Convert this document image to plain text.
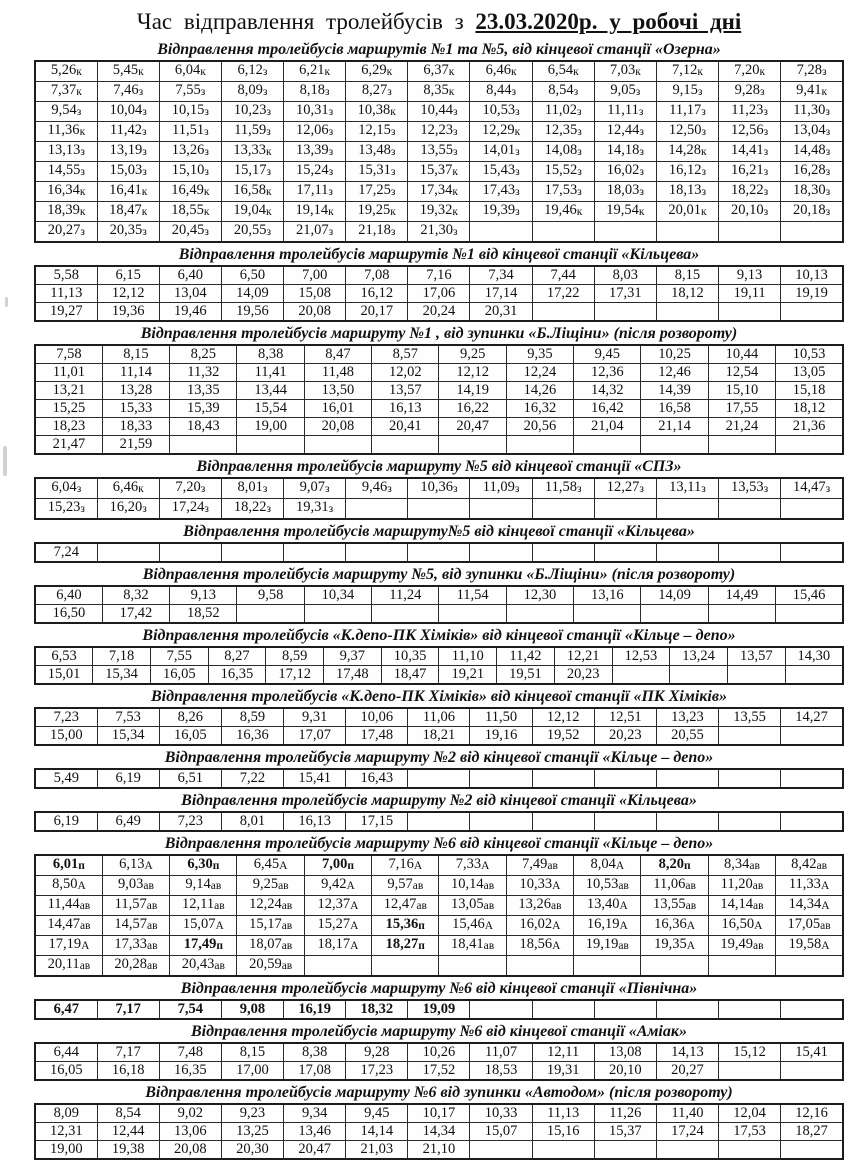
Час відправлення тролейбусів з 23.03.2020р. у робочі дні
Відправлення тролейбусів маршрутів №1 та №5, від кінцевої станції «Озерна»
5,26к	5,45к	6,04к	6,12з	6,21к	6,29к	6,37к	6,46к	6,54к	7,03к	7,12к	7,20к	7,28з
7,37к	7,46з	7,55з	8,09з	8,18з	8,27з	8,35к	8,44з	8,54з	9,05з	9,15з	9,28з	9,41к
9,54з	10,04з	10,15з	10,23з	10,31з	10,38к	10,44з	10,53з	11,02з	11,11з	11,17з	11,23з	11,30з
11,36к	11,42з	11,51з	11,59з	12,06з	12,15з	12,23з	12,29к	12,35з	12,44з	12,50з	12,56з	13,04з
13,13з	13,19з	13,26з	13,33к	13,39з	13,48з	13,55з	14,01з	14,08з	14,18з	14,28к	14,41з	14,48з
14,55з	15,03з	15,10з	15,17з	15,24з	15,31з	15,37к	15,43з	15,52з	16,02з	16,12з	16,21з	16,28з
16,34к	16,41к	16,49к	16,58к	17,11з	17,25з	17,34к	17,43з	17,53з	18,03з	18,13з	18,22з	18,30з
18,39к	18,47к	18,55к	19,04к	19,14к	19,25к	19,32к	19,39з	19,46к	19,54к	20,01к	20,10з	20,18з
20,27з	20,35з	20,45з	20,55з	21,07з	21,18з	21,30з						
Відправлення тролейбусів маршрутів №1 від кінцевої станції «Кільцева»
5,58	6,15	6,40	6,50	7,00	7,08	7,16	7,34	7,44	8,03	8,15	9,13	10,13
11,13	12,12	13,04	14,09	15,08	16,12	17,06	17,14	17,22	17,31	18,12	19,11	19,19
19,27	19,36	19,46	19,56	20,08	20,17	20,24	20,31					
Відправлення тролейбусів маршруту №1 , від зупинки «Б.Ліщіни» (після розвороту)
7,58	8,15	8,25	8,38	8,47	8,57	9,25	9,35	9,45	10,25	10,44	10,53
11,01	11,14	11,32	11,41	11,48	12,02	12,12	12,24	12,36	12,46	12,54	13,05
13,21	13,28	13,35	13,44	13,50	13,57	14,19	14,26	14,32	14,39	15,10	15,18
15,25	15,33	15,39	15,54	16,01	16,13	16,22	16,32	16,42	16,58	17,55	18,12
18,23	18,33	18,43	19,00	20,08	20,41	20,47	20,56	21,04	21,14	21,24	21,36
21,47	21,59										
Відправлення тролейбусів маршруту №5 від кінцевої станції «СПЗ»
6,04з	6,46к	7,20з	8,01з	9,07з	9,46з	10,36з	11,09з	11,58з	12,27з	13,11з	13,53з	14,47з
15,23з	16,20з	17,24з	18,22з	19,31з								
Відправлення тролейбусів маршруту№5 від кінцевої станції «Кільцева»
7,24												
Відправлення тролейбусів маршруту №5, від зупинки «Б.Ліщіни» (після розвороту)
6,40	8,32	9,13	9,58	10,34	11,24	11,54	12,30	13,16	14,09	14,49	15,46
16,50	17,42	18,52									
Відправлення тролейбусів «К.депо-ПК Хіміків» від кінцевої станції «Кільце – депо»
6,53	7,18	7,55	8,27	8,59	9,37	10,35	11,10	11,42	12,21	12,53	13,24	13,57	14,30
15,01	15,34	16,05	16,35	17,12	17,48	18,47	19,21	19,51	20,23				
Відправлення тролейбусів «К.депо-ПК Хіміків» від кінцевої станції «ПК Хіміків»
7,23	7,53	8,26	8,59	9,31	10,06	11,06	11,50	12,12	12,51	13,23	13,55	14,27
15,00	15,34	16,05	16,36	17,07	17,48	18,21	19,16	19,52	20,23	20,55		
Відправлення тролейбусів маршруту №2 від кінцевої станції «Кільце – депо»
5,49	6,19	6,51	7,22	15,41	16,43							
Відправлення тролейбусів маршруту №2 від кінцевої станції «Кільцева»
6,19	6,49	7,23	8,01	16,13	17,15							
Відправлення тролейбусів маршруту №6 від кінцевої станції «Кільце – депо»
6,01п	6,13А	6,30п	6,45А	7,00п	7,16А	7,33А	7,49ав	8,04А	8,20п	8,34ав	8,42ав
8,50А	9,03ав	9,14ав	9,25ав	9,42А	9,57ав	10,14ав	10,33А	10,53ав	11,06ав	11,20ав	11,33А
11,44ав	11,57ав	12,11ав	12,24ав	12,37А	12,47ав	13,05ав	13,26ав	13,40А	13,55ав	14,14ав	14,34А
14,47ав	14,57ав	15,07А	15,17ав	15,27А	15,36п	15,46А	16,02А	16,19А	16,36А	16,50А	17,05ав
17,19А	17,33ав	17,49п	18,07ав	18,17А	18,27п	18,41ав	18,56А	19,19ав	19,35А	19,49ав	19,58А
20,11ав	20,28ав	20,43ав	20,59ав								
Відправлення тролейбусів маршруту №6 від кінцевої станції «Північна»
6,47	7,17	7,54	9,08	16,19	18,32	19,09						
Відправлення тролейбусів маршруту №6 від кінцевої станції «Аміак»
6,44	7,17	7,48	8,15	8,38	9,28	10,26	11,07	12,11	13,08	14,13	15,12	15,41
16,05	16,18	16,35	17,00	17,08	17,23	17,52	18,53	19,31	20,10	20,27		
Відправлення тролейбусів маршруту №6 від зупинки «Автодом» (після розвороту)
8,09	8,54	9,02	9,23	9,34	9,45	10,17	10,33	11,13	11,26	11,40	12,04	12,16
12,31	12,44	13,06	13,25	13,46	14,14	14,34	15,07	15,16	15,37	17,24	17,53	18,27
19,00	19,38	20,08	20,30	20,47	21,03	21,10						
